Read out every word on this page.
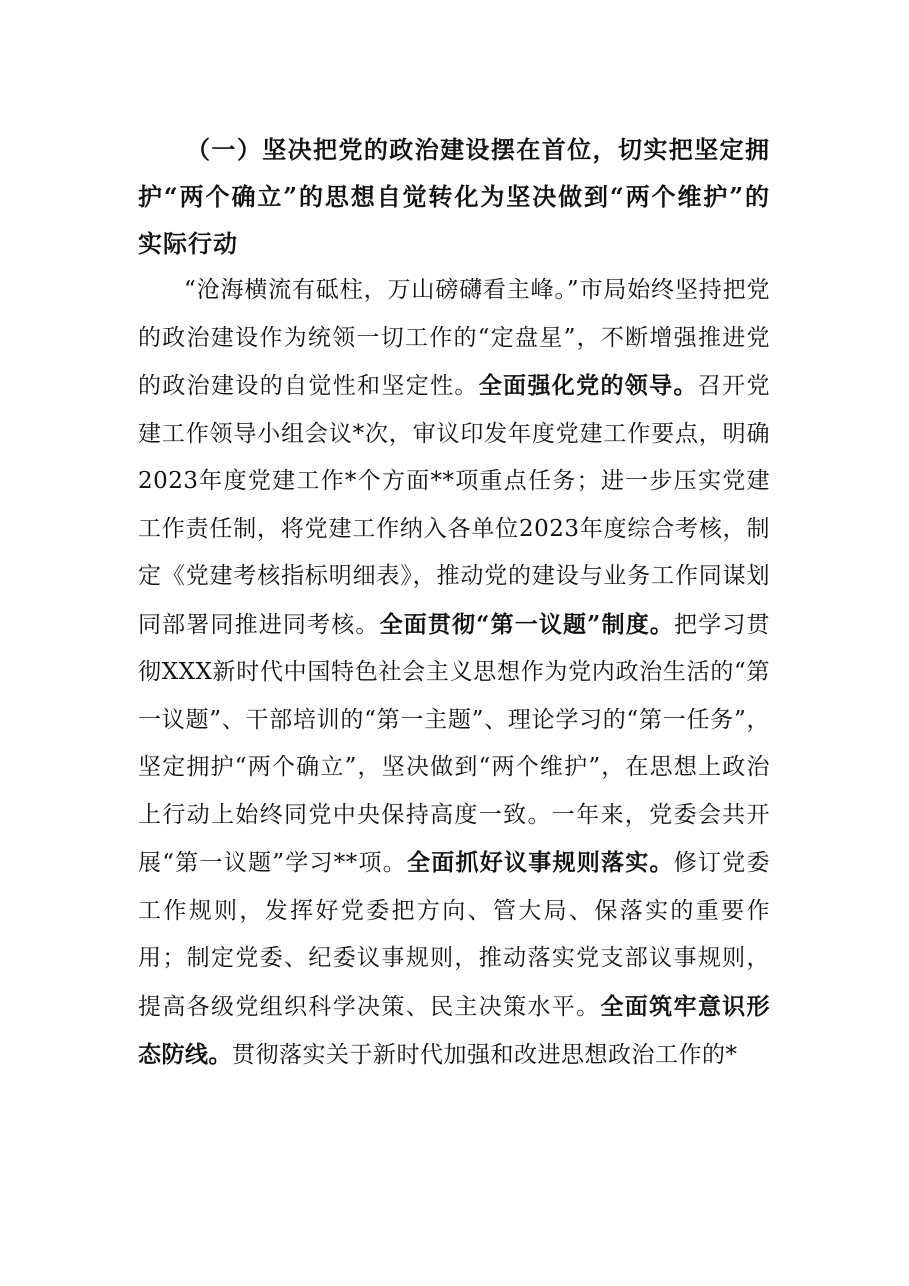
（一）坚决把党的政治建设摆在首位，切实把坚定拥护“两个确立”的思想自觉转化为坚决做到“两个维护”的实际行动

“沧海横流有砥柱，万山磅礴看主峰。”市局始终坚持把党的政治建设作为统领一切工作的“定盘星”，不断增强推进党的政治建设的自觉性和坚定性。全面强化党的领导。召开党建工作领导小组会议*次，审议印发年度党建工作要点，明确2023年度党建工作*个方面**项重点任务；进一步压实党建工作责任制，将党建工作纳入各单位2023年度综合考核，制定《党建考核指标明细表》，推动党的建设与业务工作同谋划同部署同推进同考核。全面贯彻“第一议题”制度。把学习贯彻XXX新时代中国特色社会主义思想作为党内政治生活的“第一议题”、干部培训的“第一主题”、理论学习的“第一任务”，坚定拥护“两个确立”，坚决做到“两个维护”，在思想上政治上行动上始终同党中央保持高度一致。一年来，党委会共开展“第一议题”学习**项。全面抓好议事规则落实。修订党委工作规则，发挥好党委把方向、管大局、保落实的重要作用；制定党委、纪委议事规则，推动落实党支部议事规则，提高各级党组织科学决策、民主决策水平。全面筑牢意识形态防线。贯彻落实关于新时代加强和改进思想政治工作的*
